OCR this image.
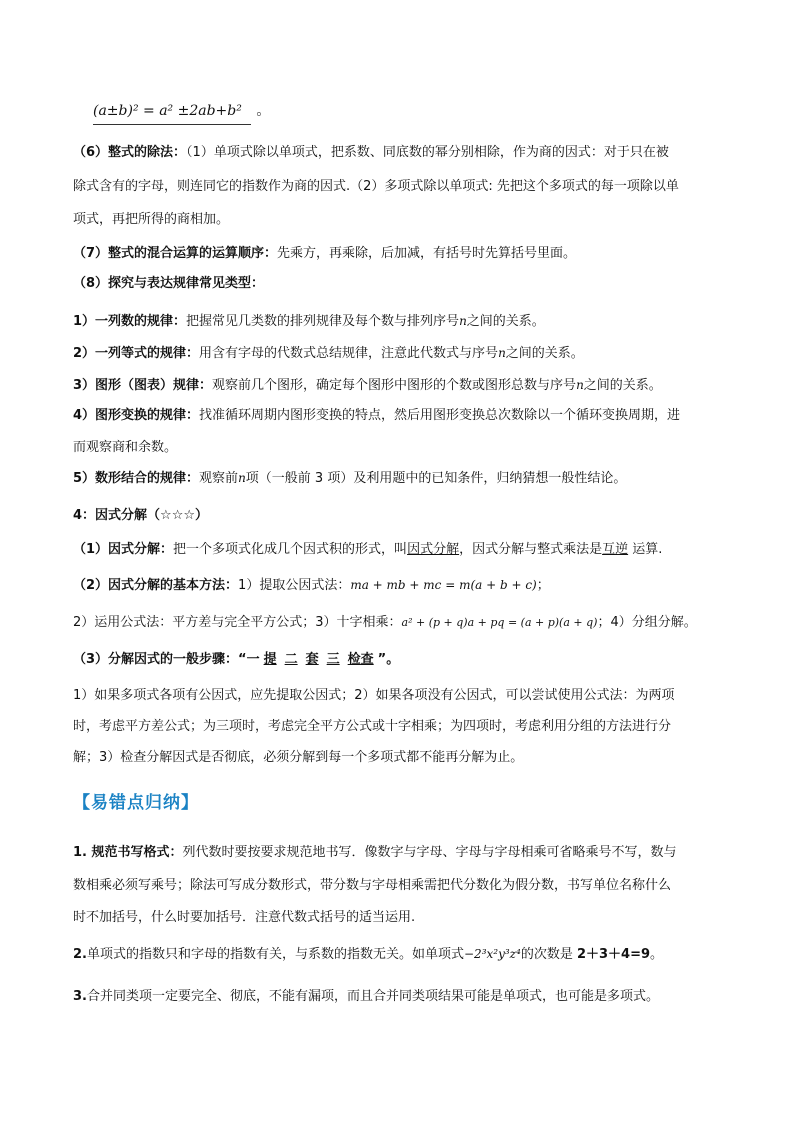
(a±b)² = a² ±2ab+b² 。
（6）整式的除法：（1）单项式除以单项式，把系数、同底数的幂分别相除，作为商的因式：对于只在被
除式含有的字母，则连同它的指数作为商的因式.（2）多项式除以单项式: 先把这个多项式的每一项除以单
项式，再把所得的商相加。
（7）整式的混合运算的运算顺序：先乘方，再乘除，后加减，有括号时先算括号里面。
（8）探究与表达规律常见类型：
1）一列数的规律：把握常见几类数的排列规律及每个数与排列序号n之间的关系。
2）一列等式的规律：用含有字母的代数式总结规律，注意此代数式与序号n之间的关系。
3）图形（图表）规律：观察前几个图形，确定每个图形中图形的个数或图形总数与序号n之间的关系。
4）图形变换的规律：找准循环周期内图形变换的特点，然后用图形变换总次数除以一个循环变换周期，进
而观察商和余数。
5）数形结合的规律：观察前n项（一般前 3 项）及利用题中的已知条件，归纳猜想一般性结论。
4：因式分解（☆☆☆）
（1）因式分解：把一个多项式化成几个因式积的形式，叫因式分解，因式分解与整式乘法是互逆 运算.
（2）因式分解的基本方法：1）提取公因式法：ma + mb + mc = m(a + b + c)；
2）运用公式法：平方差与完全平方公式；3）十字相乘：a² + (p + q)a + pq = (a + p)(a + q)；4）分组分解。
（3）分解因式的一般步骤：“一 提 二 套 三 检查 ”。
1）如果多项式各项有公因式，应先提取公因式；2）如果各项没有公因式，可以尝试使用公式法：为两项
时，考虑平方差公式；为三项时，考虑完全平方公式或十字相乘；为四项时，考虑利用分组的方法进行分
解；3）检查分解因式是否彻底，必须分解到每一个多项式都不能再分解为止。
【易错点归纳】
1. 规范书写格式：列代数时要按要求规范地书写．像数字与字母、字母与字母相乘可省略乘号不写，数与
数相乘必须写乘号；除法可写成分数形式，带分数与字母相乘需把代分数化为假分数，书写单位名称什么
时不加括号，什么时要加括号．注意代数式括号的适当运用.
2.单项式的指数只和字母的指数有关，与系数的指数无关。如单项式−2³x²y³z⁴的次数是 2＋3＋4=9。
3.合并同类项一定要完全、彻底，不能有漏项，而且合并同类项结果可能是单项式，也可能是多项式。
